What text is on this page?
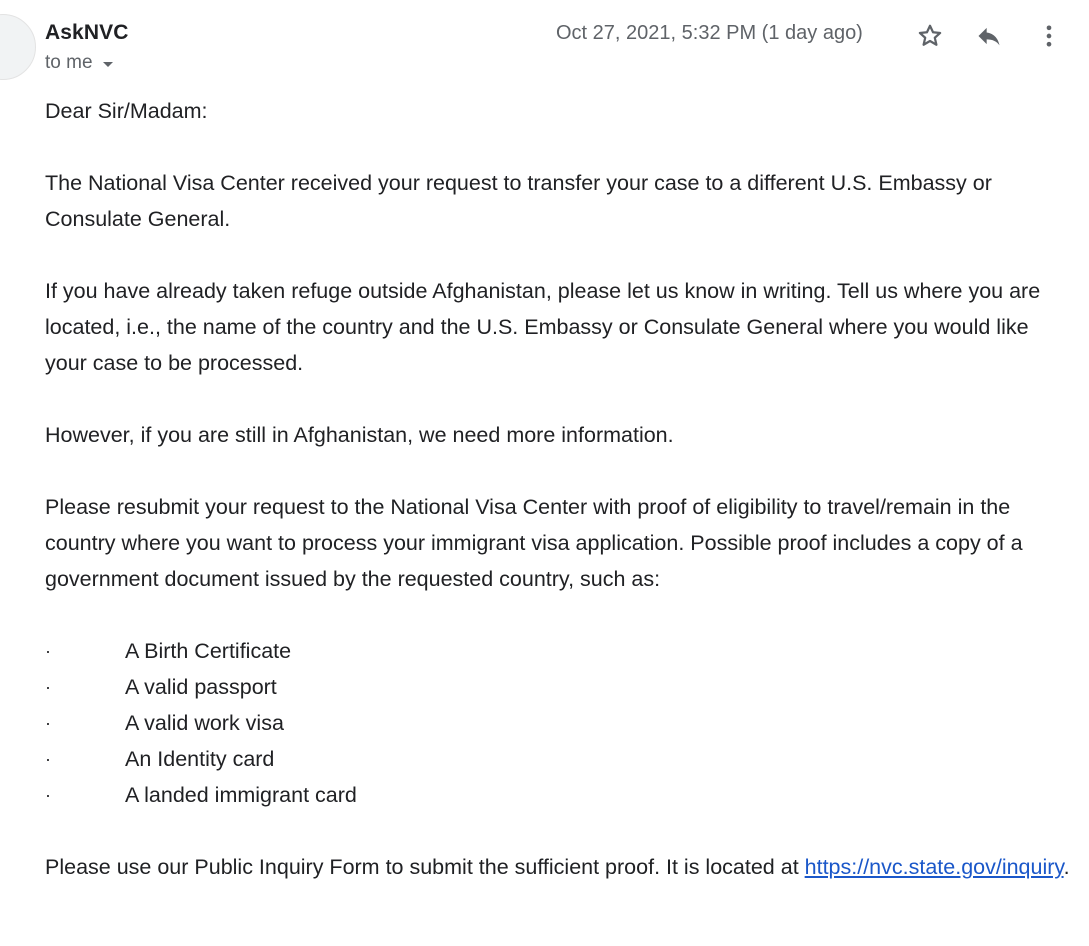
AskNVC
to me
Oct 27, 2021, 5:32 PM (1 day ago)

Dear Sir/Madam:

The National Visa Center received your request to transfer your case to a different U.S. Embassy or Consulate General.

If you have already taken refuge outside Afghanistan, please let us know in writing. Tell us where you are located, i.e., the name of the country and the U.S. Embassy or Consulate General where you would like your case to be processed.

However, if you are still in Afghanistan, we need more information.

Please resubmit your request to the National Visa Center with proof of eligibility to travel/remain in the country where you want to process your immigrant visa application. Possible proof includes a copy of a government document issued by the requested country, such as:

·	A Birth Certificate
·	A valid passport
·	A valid work visa
·	An Identity card
·	A landed immigrant card

Please use our Public Inquiry Form to submit the sufficient proof. It is located at https://nvc.state.gov/inquiry.
